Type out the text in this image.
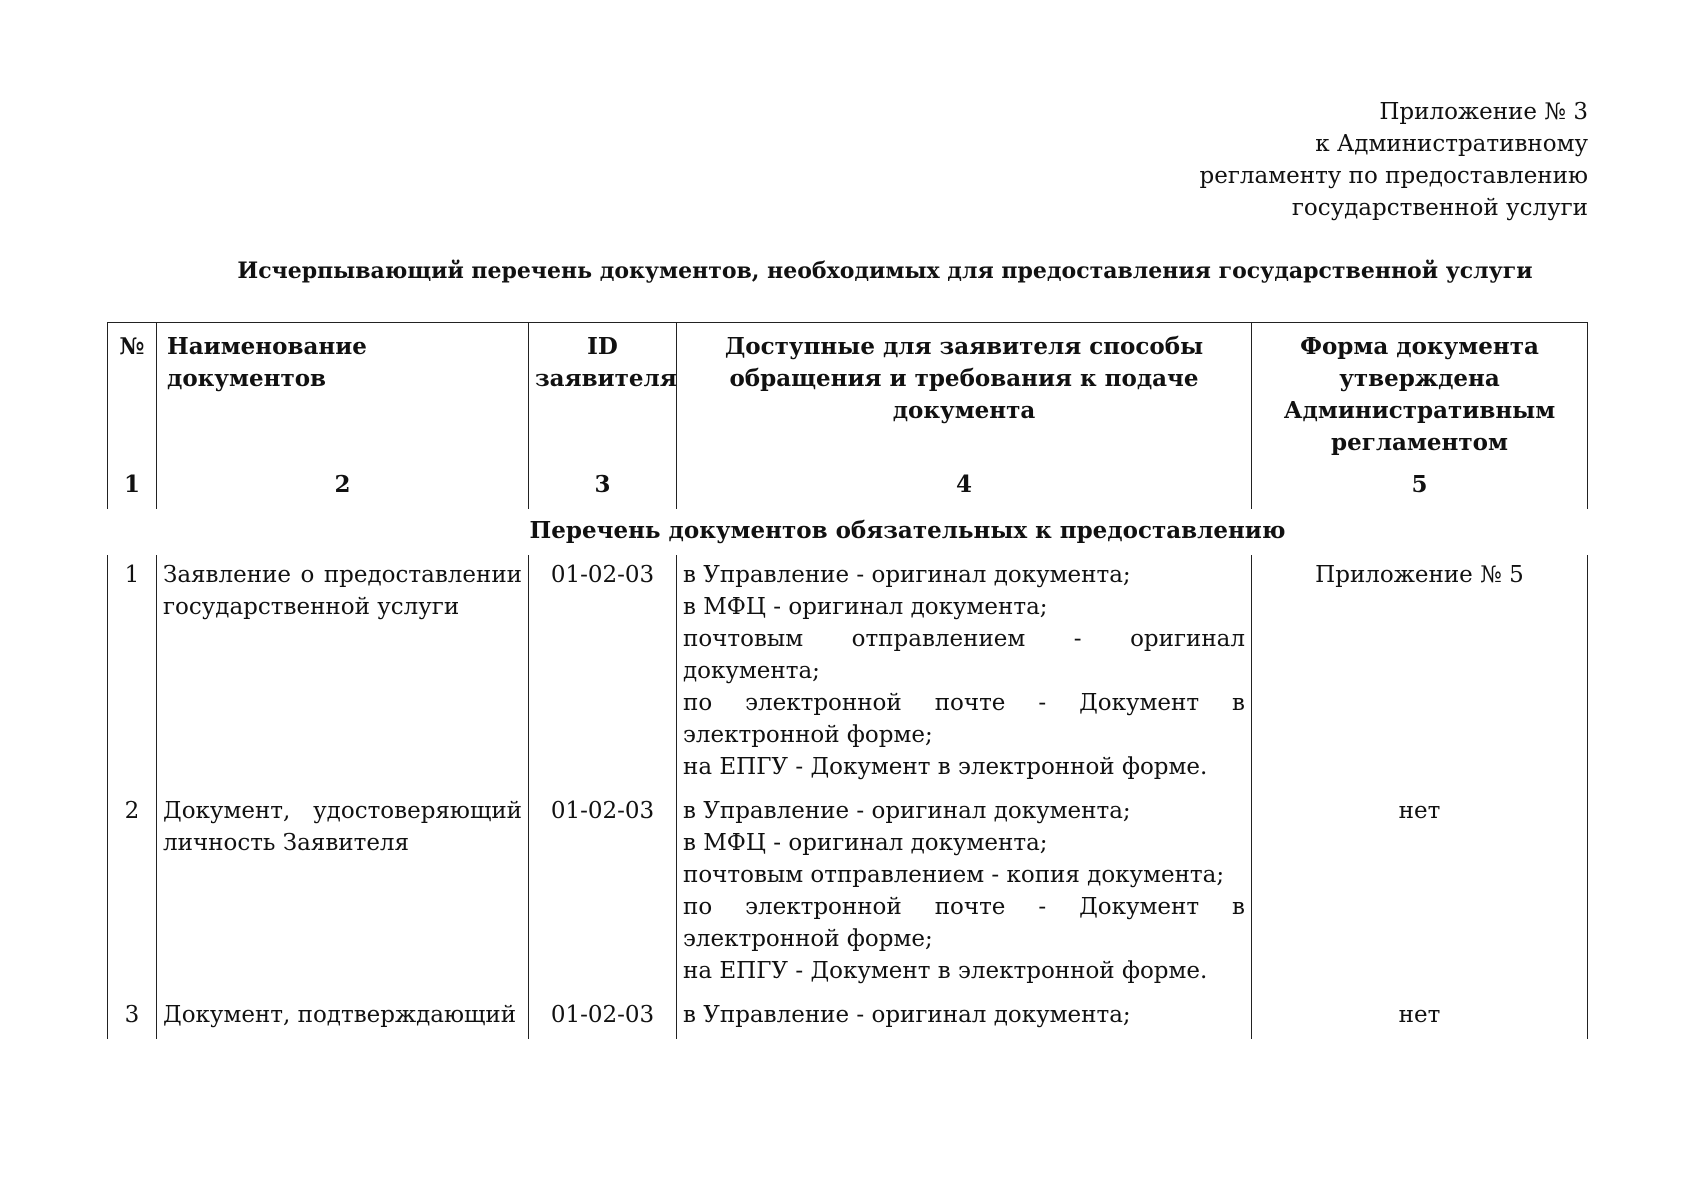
Приложение № 3
к Административному
регламенту по предоставлению
государственной услуги
Исчерпывающий перечень документов, необходимых для предоставления государственной услуги
№	Наименование документов	ID заявителя	Доступные для заявителя способы обращения и требования к подаче документа	Форма документа утверждена Административным регламентом
1	2	3	4	5
Перечень документов обязательных к предоставлению				
1	Заявление о предоставлении государственной услуги	01-02-03	в Управление - оригинал документа;
в МФЦ - оригинал документа;
почтовым отправлением - оригинал документа;
по электронной почте - Документ в электронной форме;
на ЕПГУ - Документ в электронной форме.	Приложение № 5
2	Документ, удостоверяющий личность Заявителя	01-02-03	в Управление - оригинал документа;
в МФЦ - оригинал документа;
почтовым отправлением - копия документа;
по электронной почте - Документ в электронной форме;
на ЕПГУ - Документ в электронной форме.	нет
3	Документ, подтверждающий	01-02-03	в Управление - оригинал документа;	нет
